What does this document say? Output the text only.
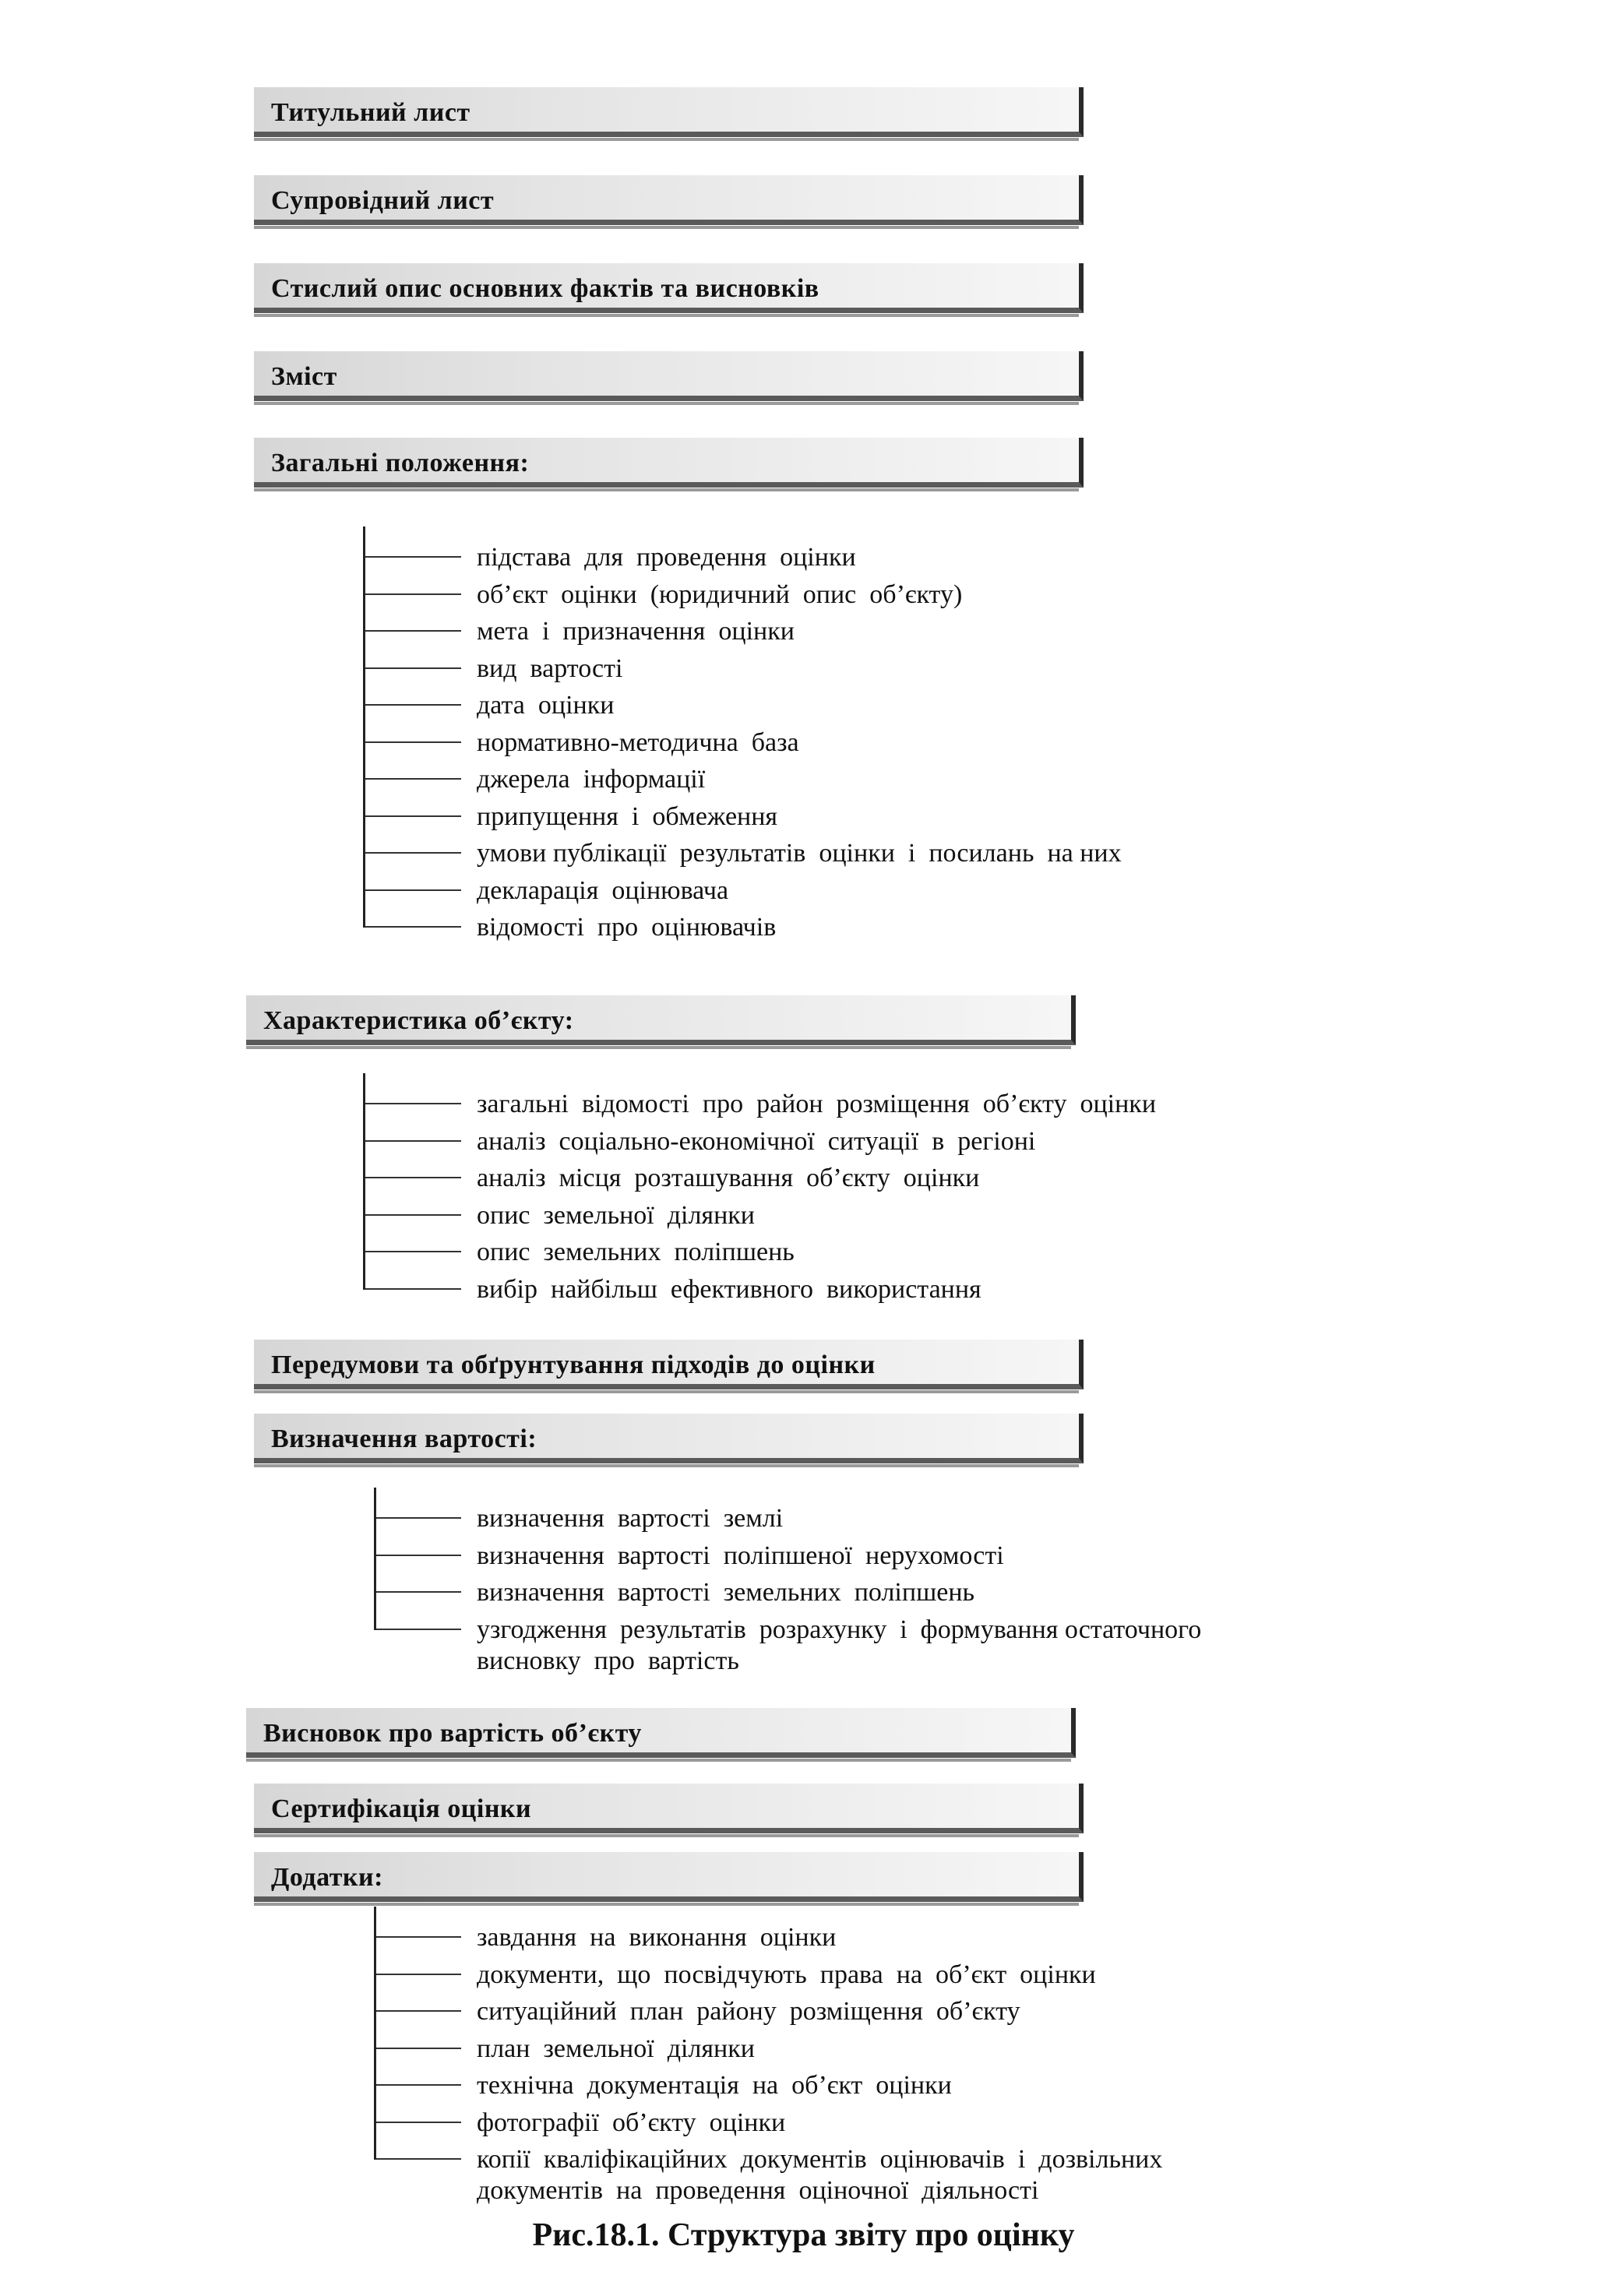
Титульний лист
Супровідний лист
Стислий опис основних фактів та висновків
Зміст
Загальні положення:
підстава  для  проведення  оцінки
об’єкт  оцінки  (юридичний  опис  об’єкту)
мета  і  призначення  оцінки
вид  вартості
дата  оцінки
нормативно-методична  база
джерела  інформації
припущення  і  обмеження
умови публікації  результатів  оцінки  і  посилань  на них
декларація  оцінювача
відомості  про  оцінювачів
Характеристика об’єкту:
загальні  відомості  про  район  розміщення  об’єкту  оцінки
аналіз  соціально-економічної  ситуації  в  регіоні
аналіз  місця  розташування  об’єкту  оцінки
опис  земельної  ділянки
опис  земельних  поліпшень
вибір  найбільш  ефективного  використання
Передумови та обґрунтування підходів до оцінки
Визначення вартості:
визначення  вартості  землі
визначення  вартості  поліпшеної  нерухомості
визначення  вартості  земельних  поліпшень
узгодження  результатів  розрахунку  і  формування остаточного
висновку  про  вартість
Висновок про вартість об’єкту
Сертифікація оцінки
Додатки:
завдання  на  виконання  оцінки
документи,  що  посвідчують  права  на  об’єкт  оцінки
ситуаційний  план  району  розміщення  об’єкту
план  земельної  ділянки
технічна  документація  на  об’єкт  оцінки
фотографії  об’єкту  оцінки
копії  кваліфікаційних  документів  оцінювачів  і  дозвільних
документів  на  проведення  оціночної  діяльності
Рис.18.1. Структура звіту про оцінку
